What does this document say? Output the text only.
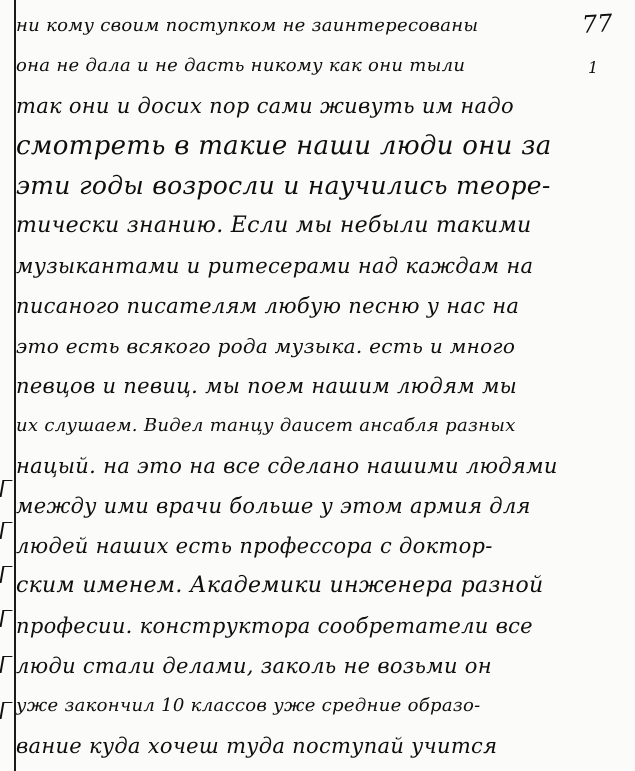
77
1
ни кому своим поступком не заинтересованы
она не дала и не дасть никому как они тыли
так они и досих пор сами живуть им надо
смотреть в такие наши люди они за
эти годы возросли и научились теоре-
тически знанию. Если мы небыли такими
музыкантами и ритесерами над каждам на
писаного писателям любую песню у нас на
это есть всякого рода музыка. есть и много
певцов и певиц. мы поем нашим людям мы
их слушаем. Видел танцу даисет ансабля разных
нацый. на это на все сделано нашими людями
между ими врачи больше у этом армия для
людей наших есть профессора с доктор-
ским именем. Академики инженера разной
професии. конструктора сообретатели все
люди стали делами, заколь не возьми он
уже закончил 10 классов уже средние образо-
вание куда хочеш туда поступай учится
